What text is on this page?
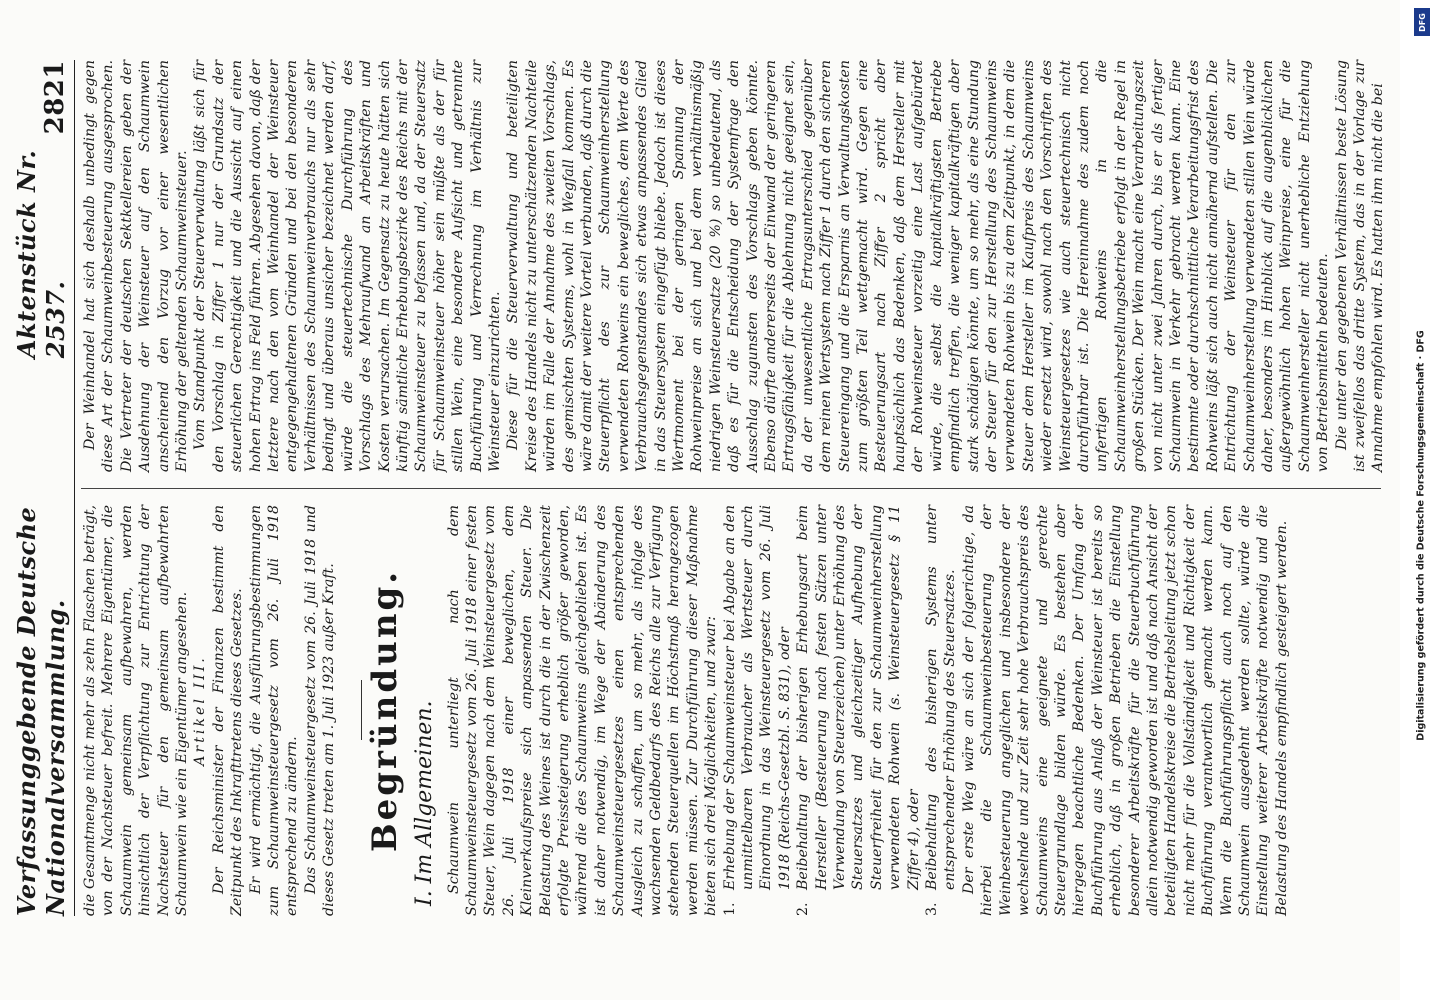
Verfassunggebende Deutsche Nationalversammlung.
Aktenstück Nr. 2537.
2821

die Gesamtmenge nicht mehr als zehn Flaschen beträgt, von der Nachsteuer befreit. Mehrere Eigentümer, die Schaumwein gemeinsam aufbewahren, werden hinsichtlich der Verpflichtung zur Entrichtung der Nachsteuer für den gemeinsam aufbewahrten Schaumwein wie ein Eigentümer angesehen. Artikel III. Der Reichsminister der Finanzen bestimmt den Zeitpunkt des Inkrafttretens dieses Gesetzes. Er wird ermächtigt, die Ausführungsbestimmungen zum Schaumweinsteuergesetz vom 26. Juli 1918 entsprechend zu ändern. Das Schaumweinsteuergesetz vom 26. Juli 1918 und dieses Gesetz treten am 1. Juli 1923 außer Kraft. Begründung. I. Im Allgemeinen. Schaumwein unterliegt nach dem Schaumweinsteuergesetz vom 26. Juli 1918 einer festen Steuer, Wein dagegen nach dem Weinsteuergesetz vom 26. Juli 1918 einer beweglichen, dem Kleinverkaufspreise sich anpassenden Steuer. Die Belastung des Weines ist durch die in der Zwischenzeit erfolgte Preissteigerung erheblich größer geworden, während die des Schaumweins gleichgeblieben ist. Es ist daher notwendig, im Wege der Abänderung des Schaumweinsteuergesetzes einen entsprechenden Ausgleich zu schaffen, um so mehr, als infolge des wachsenden Geldbedarfs des Reichs alle zur Verfügung stehenden Steuerquellen im Höchstmaß herangezogen werden müssen. Zur Durchführung dieser Maßnahme bieten sich drei Möglichkeiten, und zwar: 1.
Erhebung der Schaumweinsteuer bei Abgabe an den unmittelbaren Verbraucher als Wertsteuer durch Einordnung in das Weinsteuergesetz vom 26. Juli 1918 (Reichs-Gesetzbl. S. 831), oder
2.
Beibehaltung der bisherigen Erhebungsart beim Hersteller (Besteuerung nach festen Sätzen unter Verwendung von Steuerzeichen) unter Erhöhung des Steuersatzes und gleichzeitiger Aufhebung der Steuerfreiheit für den zur Schaumweinherstellung verwendeten Rohwein (s. Weinsteuergesetz § 11 Ziffer 4), oder
3.
Beibehaltung des bisherigen Systems unter entsprechender Erhöhung des Steuersatzes. Der erste Weg wäre an sich der folgerichtige, da hierbei die Schaumweinbesteuerung der Weinbesteuerung angeglichen und insbesondere der wechselnde und zur Zeit sehr hohe Verbrauchspreis des Schaumweins eine geeignete und gerechte Steuergrundlage bilden würde. Es bestehen aber hiergegen beachtliche Bedenken. Der Umfang der Buchführung aus Anlaß der Weinsteuer ist bereits so erheblich, daß in großen Betrieben die Einstellung besonderer Arbeitskräfte für die Steuerbuchführung allein notwendig geworden ist und daß nach Ansicht der beteiligten Handelskreise die Betriebsleitung jetzt schon nicht mehr für die Vollständigkeit und Richtigkeit der Buchführung verantwortlich gemacht werden kann. Wenn die Buchführungspflicht auch noch auf den Schaumwein ausgedehnt werden sollte, würde die Einstellung weiterer Arbeitskräfte notwendig und die Belastung des Handels empfindlich gesteigert werden.

Der Weinhandel hat sich deshalb unbedingt gegen diese Art der Schaumweinbesteuerung ausgesprochen. Die Vertreter der deutschen Sektkellereien geben der Ausdehnung der Weinsteuer auf den Schaumwein anscheinend den Vorzug vor einer wesentlichen Erhöhung der geltenden Schaumweinsteuer. Vom Standpunkt der Steuerverwaltung läßt sich für den Vorschlag in Ziffer 1 nur der Grundsatz der steuerlichen Gerechtigkeit und die Aussicht auf einen hohen Ertrag ins Feld führen. Abgesehen davon, daß der letztere nach den vom Weinhandel der Weinsteuer entgegengehaltenen Gründen und bei den besonderen Verhältnissen des Schaumweinverbrauchs nur als sehr bedingt und überaus unsicher bezeichnet werden darf, würde die steuertechnische Durchführung des Vorschlags des Mehraufwand an Arbeitskräften und Kosten verursachen. Im Gegensatz zu heute hätten sich künftig sämtliche Erhebungsbezirke des Reichs mit der Schaumweinsteuer zu befassen und, da der Steuersatz für Schaumweinsteuer höher sein müßte als der für stillen Wein, eine besondere Aufsicht und getrennte Buchführung und Verrechnung im Verhältnis zur Weinsteuer einzurichten. Diese für die Steuerverwaltung und beteiligten Kreise des Handels nicht zu unterschätzenden Nachteile würden im Falle der Annahme des zweiten Vorschlags, des gemischten Systems, wohl in Wegfall kommen. Es wäre damit der weitere Vorteil verbunden, daß durch die Steuerpflicht des zur Schaumweinherstellung verwendeten Rohweins ein bewegliches, dem Werte des Verbrauchsgegenstandes sich etwas anpassendes Glied in das Steuersystem eingefügt bliebe. Jedoch ist dieses Wertmoment bei der geringen Spannung der Rohweinpreise an sich und bei dem verhältnismäßig niedrigen Weinsteuersatze (20 %) so unbedeutend, als daß es für die Entscheidung der Systemfrage den Ausschlag zugunsten des Vorschlags geben könnte. Ebenso dürfte andererseits der Einwand der geringeren Ertragsfähigkeit für die Ablehnung nicht geeignet sein, da der unwesentliche Ertragsunterschied gegenüber dem reinen Wertsystem nach Ziffer 1 durch den sicheren Steuereingang und die Ersparnis an Verwaltungskosten zum größten Teil wettgemacht wird. Gegen eine Besteuerungsart nach Ziffer 2 spricht aber hauptsächlich das Bedenken, daß dem Hersteller mit der Rohweinsteuer vorzeitig eine Last aufgebürdet würde, die selbst die kapitalkräftigsten Betriebe empfindlich treffen, die weniger kapitalkräftigen aber stark schädigen könnte, um so mehr, als eine Stundung der Steuer für den zur Herstellung des Schaumweins verwendeten Rohwein bis zu dem Zeitpunkt, in dem die Steuer dem Hersteller im Kaufpreis des Schaumweins wieder ersetzt wird, sowohl nach den Vorschriften des Weinsteuergesetzes wie auch steuertechnisch nicht durchführbar ist. Die Hereinnahme des zudem noch unfertigen Rohweins in die Schaumweinherstellungsbetriebe erfolgt in der Regel in großen Stücken. Der Wein macht eine Verarbeitungszeit von nicht unter zwei Jahren durch, bis er als fertiger Schaumwein in Verkehr gebracht werden kann. Eine bestimmte oder durchschnittliche Verarbeitungsfrist des Rohweins läßt sich auch nicht annähernd aufstellen. Die Entrichtung der Weinsteuer für den zur Schaumweinherstellung verwendeten stillen Wein würde daher, besonders im Hinblick auf die augenblicklichen außergewöhnlich hohen Weinpreise, eine für die Schaumweinhersteller nicht unerhebliche Entziehung von Betriebsmitteln bedeuten. Die unter den gegebenen Verhältnissen beste Lösung ist zweifellos das dritte System, das in der Vorlage zur Annahme empfohlen wird. Es hatten ihm nicht die bei

Digitalisierung gefördert durch die Deutsche Forschungsgemeinschaft · DFG
DFG
